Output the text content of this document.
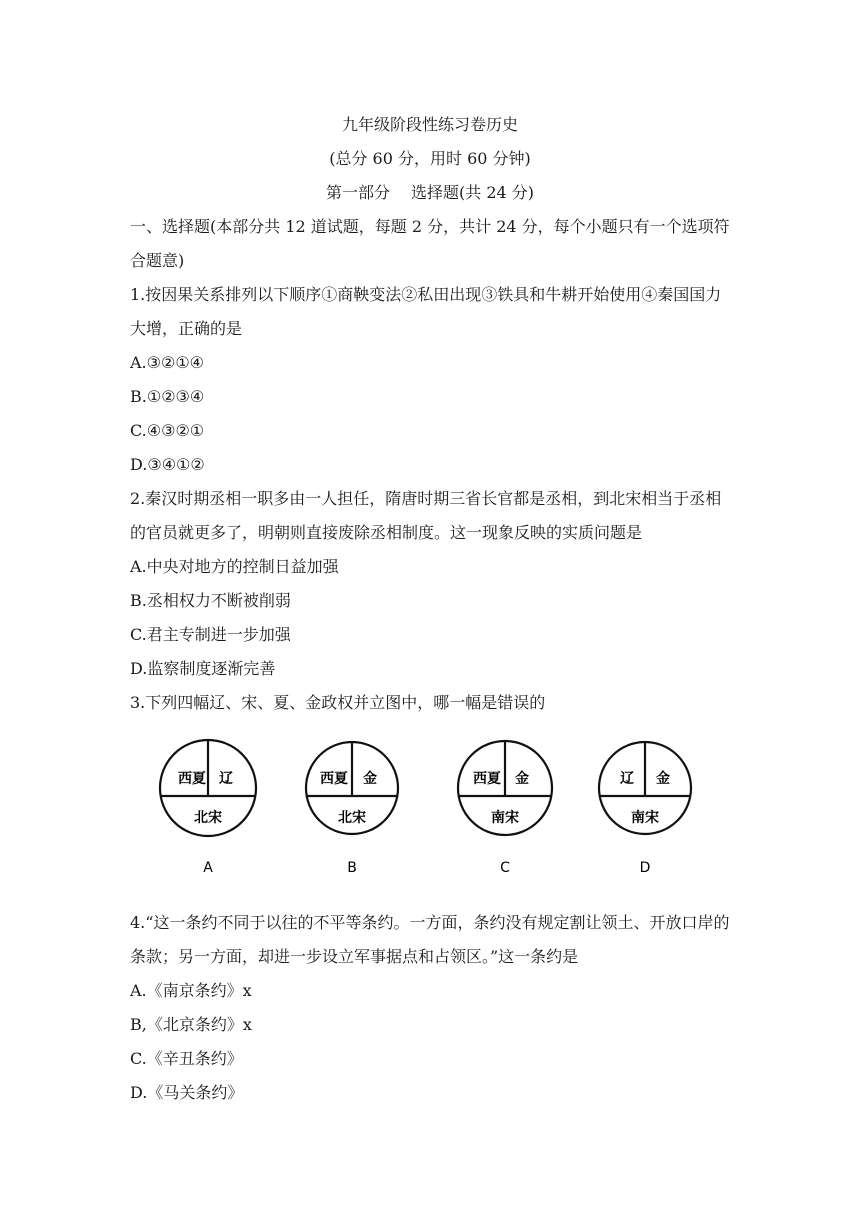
九年级阶段性练习卷历史
(总分 60 分，用时 60 分钟)
第一部分　 选择题(共 24 分)
一、选择题(本部分共 12 道试题，每题 2 分，共计 24 分，每个小题只有一个选项符合题意)
1.按因果关系排列以下顺序①商鞅变法②私田出现③铁具和牛耕开始使用④秦国国力大增，正确的是
A.③②①④
B.①②③④
C.④③②①
D.③④①②
2.秦汉时期丞相一职多由一人担任，隋唐时期三省长官都是丞相，到北宋相当于丞相的官员就更多了，明朝则直接废除丞相制度。这一现象反映的实质问题是
A.中央对地方的控制日益加强
B.丞相权力不断被削弱
C.君主专制进一步加强
D.监察制度逐渐完善
3.下列四幅辽、宋、夏、金政权并立图中，哪一幅是错误的
西夏 辽
北宋
A
西夏 金
北宋
B
西夏 金
南宋
C
辽 金
南宋
D
4.“这一条约不同于以往的不平等条约。一方面，条约没有规定割让领土、开放口岸的条款；另一方面，却进一步设立军事据点和占领区。”这一条约是
A.《南京条约》x
B,《北京条约》x
C.《辛丑条约》
D.《马关条约》
